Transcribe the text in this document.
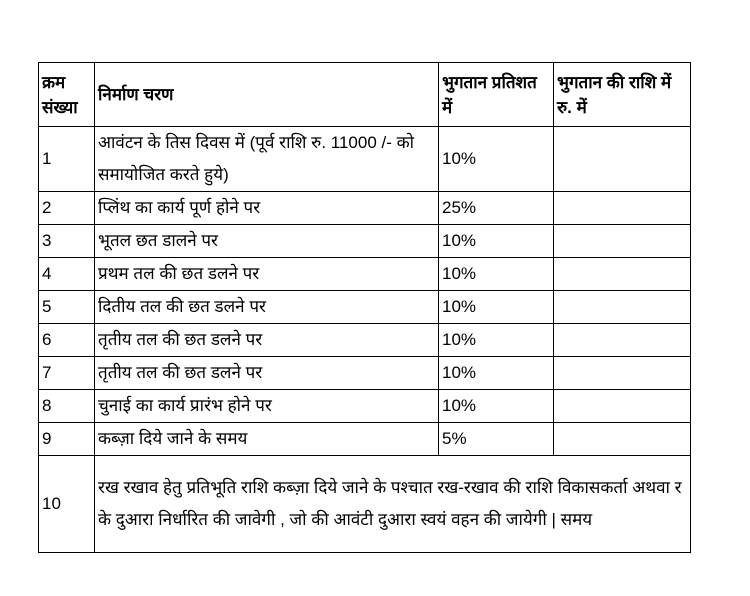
क्रम संख्या	निर्माण चरण	भुगतान प्रतिशत में	भुगतान की राशि में रु. में
1	आवंटन के तिस दिवस में (पूर्व राशि रु. 11000 /- को समायोजित करते हुये)	10%	
2	प्लिंथ का कार्य पूर्ण होने पर	25%	
3	भूतल छत डालने पर	10%	
4	प्रथम तल की छत डलने पर	10%	
5	दितीय तल की छत डलने पर	10%	
6	तृतीय तल की छत डलने पर	10%	
7	तृतीय तल की छत डलने पर	10%	
8	चुनाई का कार्य प्रारंभ होने पर	10%	
9	कब्ज़ा दिये जाने के समय	5%	
10	रख रखाव हेतु प्रतिभूति राशि कब्ज़ा दिये जाने के पश्चात रख-रखाव की राशि विकासकर्ता अथवा र के दुआरा निर्धारित की जावेगी , जो की आवंटी दुआरा स्वयं वहन की जायेगी | समय		
